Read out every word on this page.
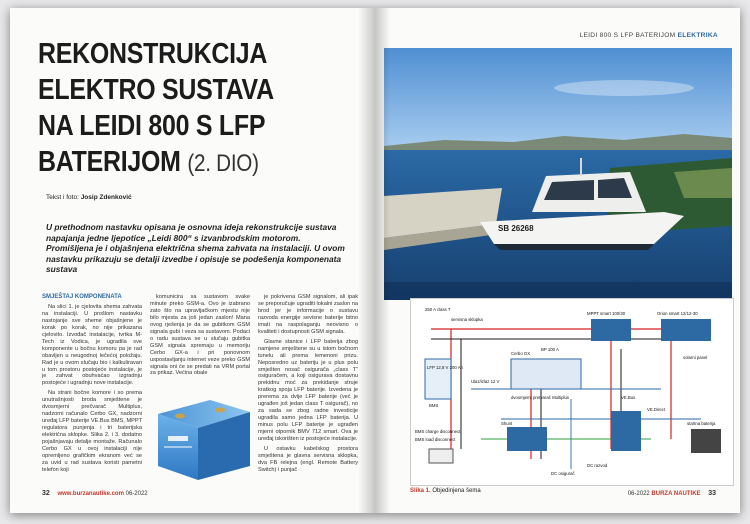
REKONSTRUKCIJA
ELEKTRO SUSTAVA
NA LEIDI 800 S LFP
BATERIJOM (2. DIO)
Tekst i foto: Josip Zdenković
U prethodnom nastavku opisana je osnovna ideja rekonstrukcije sustava napajanja jedne ljepotice „Leidi 800“ s izvanbrodskim motorom. Promišljena je i objašnjena električna shema zahvata na instalaciji. U ovom nastavku prikazuju se detalji izvedbe i opisuje se podešenja komponenata sustava
SMJEŠTAJ KOMPONENATA

Na slici 1. je cjelovita shema zahvata na instalaciji. U prošlom nastavku nastojanje sve sheme objašnjene je korak po korak, no nije prikazana cjelovito. Izvođač instalacije, tvrtka M-Tech iz Vodica, je ugradila sve komponente u bočnu komoru pa je rad obavljen u neugodnoj lečećoj položaju. Rad je u ovom slučaju bio i kalkuliravan u tom prostoru postojeće instalacije, je je zahvat obuhvaćao izgradnju postojeće i ugradnju nove instalacije.

Na strani bočne komore i so prema unutrašnjosti broda smještene je dvosmjerni prečvarač Multiplus, nadzorni računalo Cerbo GX, nadzorni uređaj LFP baterije VE.Bus BMS, MPPT regulatora punjenja i tri baterijska električna sklopke. Slika 2. i 3. dodatno pojašnjavaju detalje montaže. Računalo Cerbo GX u ovoj instalaciji nije opremljeno grafičkim ekranom već se za uvid u rad sustava koristi pametni telefon koji

komunicira sa sustavom svake minute preko GSM-a. Ovo je izabrano zato što na upravljačkom mjestu nije bilo mjesta za još jedan zaslon! Mana ovog rješenja je da se gubitkom GSM signala gubi i veza sa sustavom. Podaci o radu sustava se u slučaju gubitka GSM signala spremaju u memoriju Cerbo GX-a i pri ponovnom uspostavljanju internet veze preko GSM signala oni će se predati na VRM portal za prikaz. Većina obale

je pokrivena GSM signalom, ali ipak se preporučuje ugraditi lokalni zaslon na brod jer je informacije o sustavu razvoda energije sevisne baterije bitno imati na raspolaganju neovisno o kvaliteti i dostupnosti GSM signala.

Glavne stanice i LFP baterija zbog namjene smještene su u istom bočnom tunelu ali prema lemenoni prizu. Neposredno uz bateriju je u plus polu smješten nosač osigurača „class T“ osiguračem, a koji osigurava dostavnu prekidnu moć za prekidanje struje kratkog spoja LFP baterije. Izvedena je prerema za dvije LFP baterije (već je ugrađen još jedan class T osigurač), no za sada se zbog radne investicije ugradila samo jedna LFP baterija. U minus polu LFP baterije je ugrađen mjerni otpornik BMV 712 smart. Ova je uređaj iskorišten iz postojeće instalacije.

U ostavku kabelskog prostora smještena je glavna servisna sklopka, dva FB relejna (engl. Remote Battery Switch) i punjač

32 www.burzanautike.com 06-2022
LEIDI 800 S LFP BATERIJOM ELEKTRIKA
SB 26268
250 A class T
servisna sklopka
BMS
LFP 12,8 V 200 Ah
Ulaz/izlaz 12 V
Cerbo GX
MPPT smart 100/30	Orion smart 12/12-30
BP 100 A
dvosmjerni pretvarač Multiplus	VE.Bus
Shunt
BMS charge disconnect
BMS load disconnect
DC osigurač
DC razvod
VE.Direct
startna baterija
solarni panel
Slika 1. Objedinjena šema	06-2022 BURZA NAUTIKE 33
